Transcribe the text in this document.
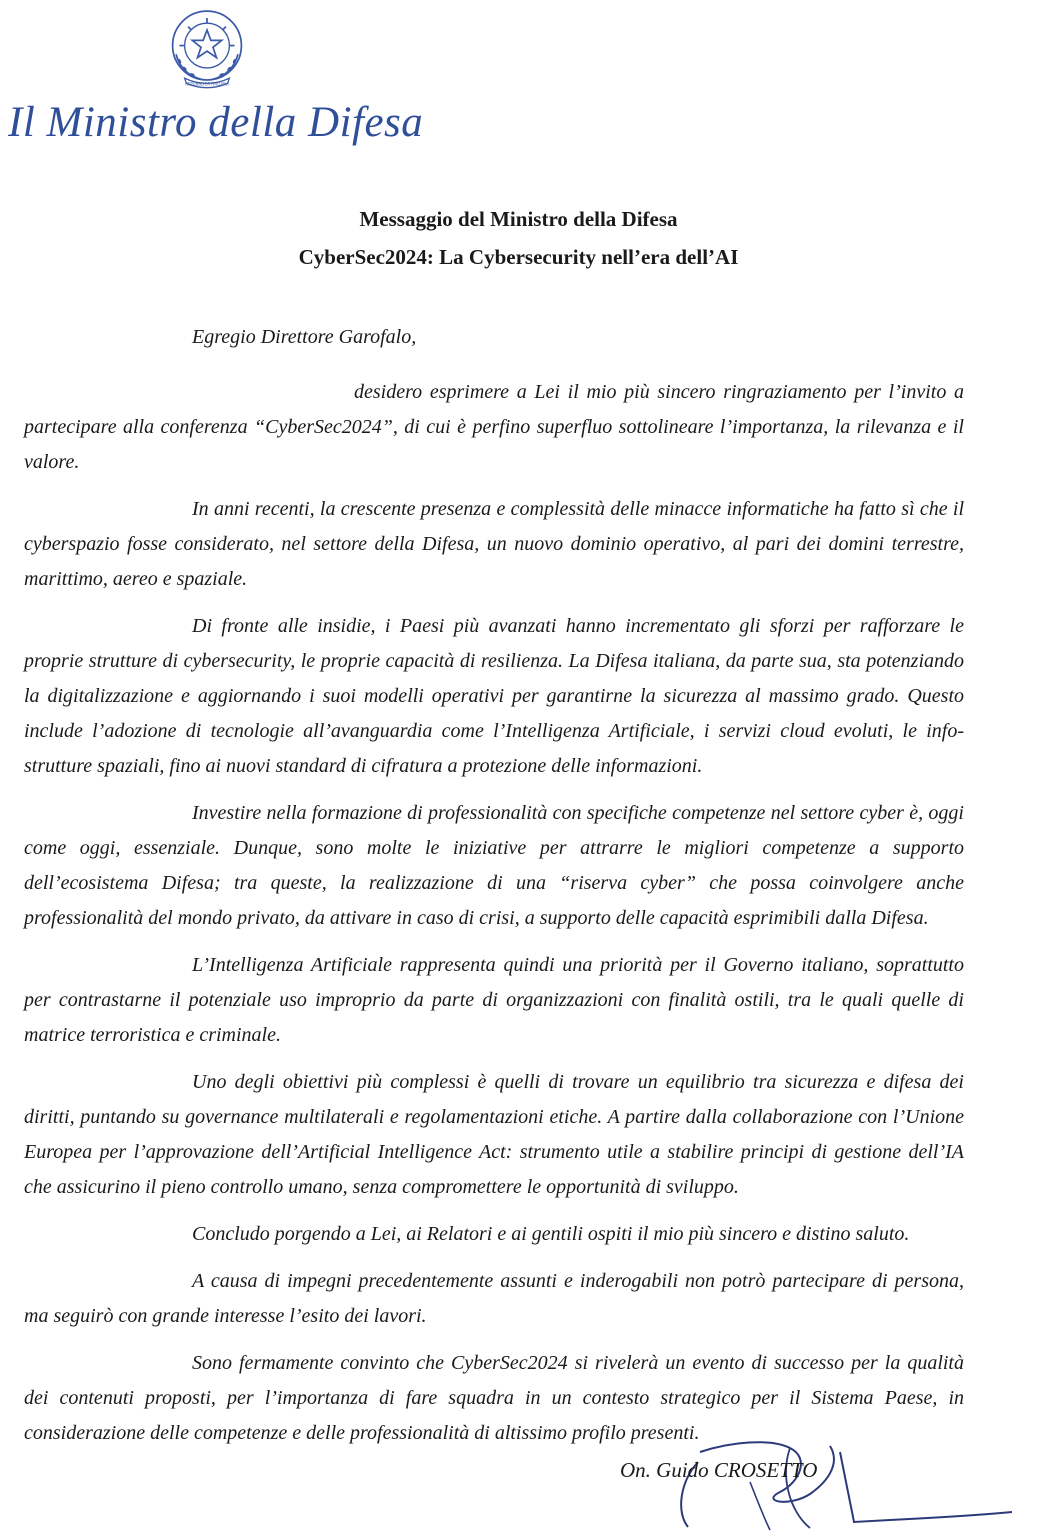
REPUBBLICA ITALIANA
Il Ministro della Difesa
Messaggio del Ministro della Difesa
CyberSec2024: La Cybersecurity nell’era dell’AI
Egregio Direttore Garofalo,

desidero esprimere a Lei il mio più sincero ringraziamento per l’invito a partecipare alla conferenza “CyberSec2024”, di cui è perfino superfluo sottolineare l’importanza, la rilevanza e il valore.

In anni recenti, la crescente presenza e complessità delle minacce informatiche ha fatto sì che il cyberspazio fosse considerato, nel settore della Difesa, un nuovo dominio operativo, al pari dei domini terrestre, marittimo, aereo e spaziale.

Di fronte alle insidie, i Paesi più avanzati hanno incrementato gli sforzi per rafforzare le proprie strutture di cybersecurity, le proprie capacità di resilienza. La Difesa italiana, da parte sua, sta potenziando la digitalizzazione e aggiornando i suoi modelli operativi per garantirne la sicurezza al massimo grado. Questo include l’adozione di tecnologie all’avanguardia come l’Intelligenza Artificiale, i servizi cloud evoluti, le info-strutture spaziali, fino ai nuovi standard di cifratura a protezione delle informazioni.

Investire nella formazione di professionalità con specifiche competenze nel settore cyber è, oggi come oggi, essenziale. Dunque, sono molte le iniziative per attrarre le migliori competenze a supporto dell’ecosistema Difesa; tra queste, la realizzazione di una “riserva cyber” che possa coinvolgere anche professionalità del mondo privato, da attivare in caso di crisi, a supporto delle capacità esprimibili dalla Difesa.

L’Intelligenza Artificiale rappresenta quindi una priorità per il Governo italiano, soprattutto per contrastarne il potenziale uso improprio da parte di organizzazioni con finalità ostili, tra le quali quelle di matrice terroristica e criminale.

Uno degli obiettivi più complessi è quelli di trovare un equilibrio tra sicurezza e difesa dei diritti, puntando su governance multilaterali e regolamentazioni etiche. A partire dalla collaborazione con l’Unione Europea per l’approvazione dell’Artificial Intelligence Act: strumento utile a stabilire principi di gestione dell’IA che assicurino il pieno controllo umano, senza compromettere le opportunità di sviluppo.

Concludo porgendo a Lei, ai Relatori e ai gentili ospiti il mio più sincero e distino saluto.

A causa di impegni precedentemente assunti e inderogabili non potrò partecipare di persona, ma seguirò con grande interesse l’esito dei lavori.

Sono fermamente convinto che CyberSec2024 si rivelerà un evento di successo per la qualità dei contenuti proposti, per l’importanza di fare squadra in un contesto strategico per il Sistema Paese, in considerazione delle competenze e delle professionalità di altissimo profilo presenti.

On. Guido CROSETTO
